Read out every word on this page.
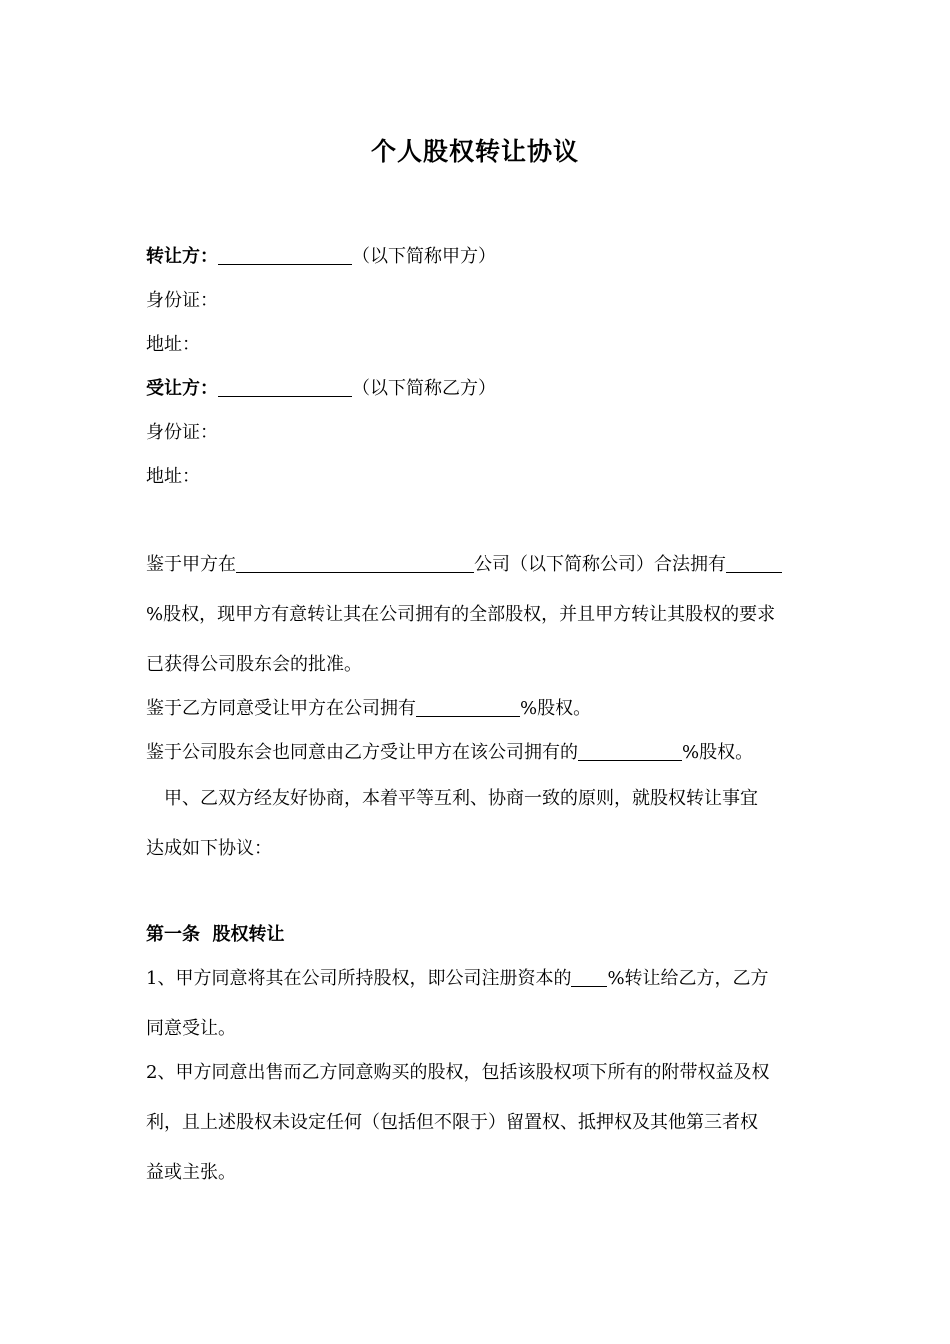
个人股权转让协议
转让方：	（以下简称甲方）
身份证：
地址：
受让方：	（以下简称乙方）
身份证：
地址：
鉴于甲方在	公司（以下简称公司）合法拥有
%股权，现甲方有意转让其在公司拥有的全部股权，并且甲方转让其股权的要求
已获得公司股东会的批准。
鉴于乙方同意受让甲方在公司拥有	%股权。
鉴于公司股东会也同意由乙方受让甲方在该公司拥有的	%股权。
甲、乙双方经友好协商，本着平等互利、协商一致的原则，就股权转让事宜
达成如下协议：
第一条  股权转让
1、甲方同意将其在公司所持股权，即公司注册资本的 %转让给乙方，乙方
同意受让。
2、甲方同意出售而乙方同意购买的股权，包括该股权项下所有的附带权益及权
利，且上述股权未设定任何（包括但不限于）留置权、抵押权及其他第三者权
益或主张。
